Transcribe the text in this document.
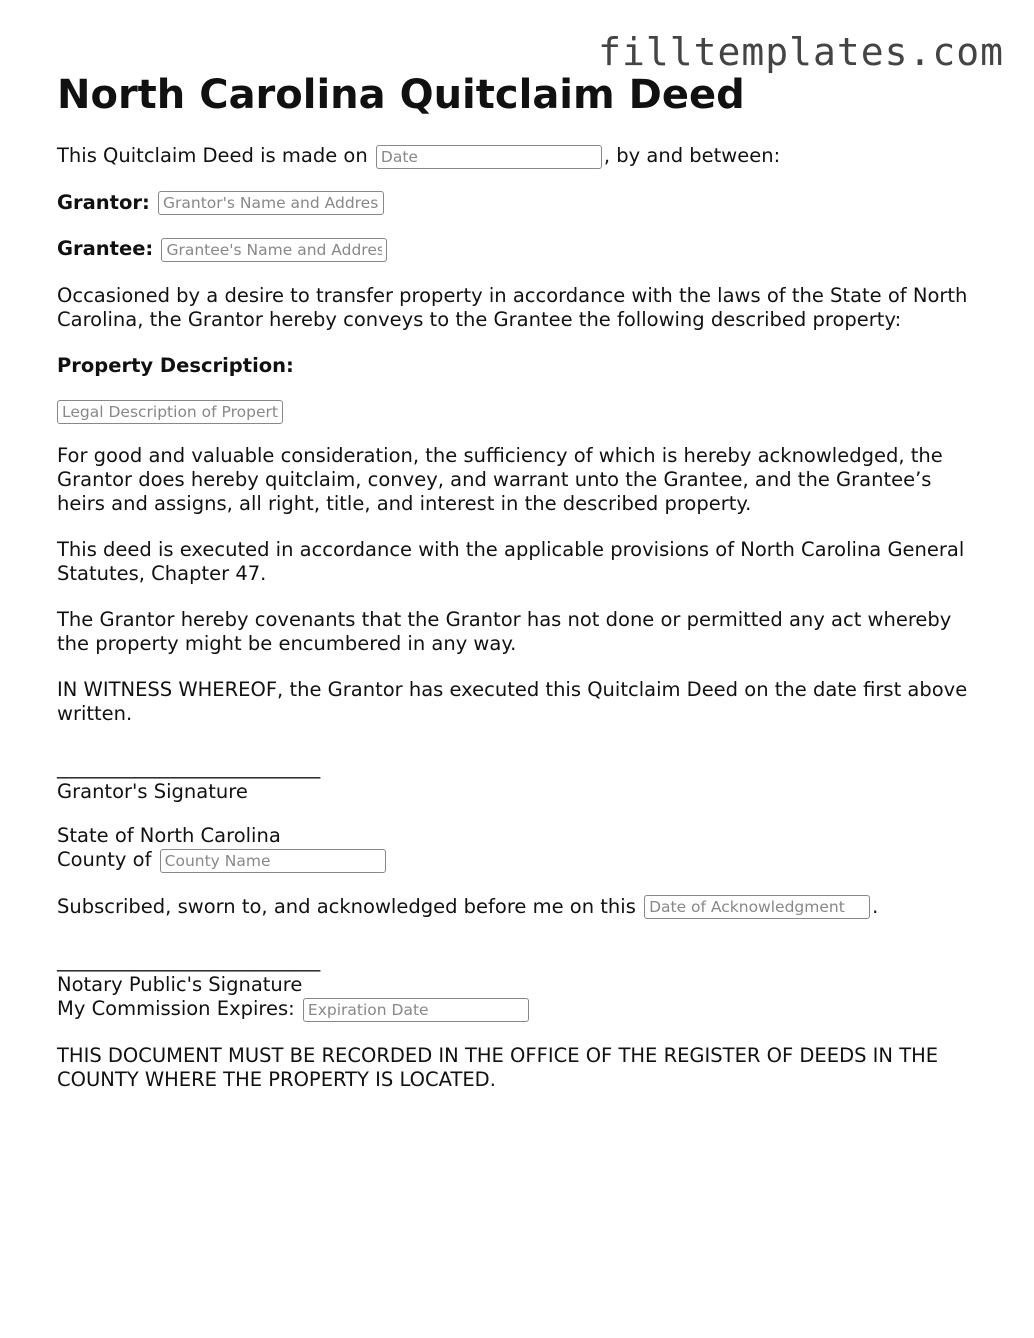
filltemplates.com
North Carolina Quitclaim Deed

This Quitclaim Deed is made on Date	, by and between:

Grantor: Grantor's Name and Address

Grantee: Grantee's Name and Address

Occasioned by a desire to transfer property in accordance with the laws of the State of North Carolina, the Grantor hereby conveys to the Grantee the following described property:

Property Description:

Legal Description of Property

For good and valuable consideration, the sufficiency of which is hereby acknowledged, the Grantor does hereby quitclaim, convey, and warrant unto the Grantee, and the Grantee’s heirs and assigns, all right, title, and interest in the described property.

This deed is executed in accordance with the applicable provisions of North Carolina General Statutes, Chapter 47.

The Grantor hereby covenants that the Grantor has not done or permitted any act whereby the property might be encumbered in any way.

IN WITNESS WHEREOF, the Grantor has executed this Quitclaim Deed on the date first above written.

___________________________
Grantor's Signature

State of North Carolina
County of County Name

Subscribed, sworn to, and acknowledged before me on this Date of Acknowledgment	.

___________________________
Notary Public's Signature
My Commission Expires: Expiration Date

THIS DOCUMENT MUST BE RECORDED IN THE OFFICE OF THE REGISTER OF DEEDS IN THE COUNTY WHERE THE PROPERTY IS LOCATED.
